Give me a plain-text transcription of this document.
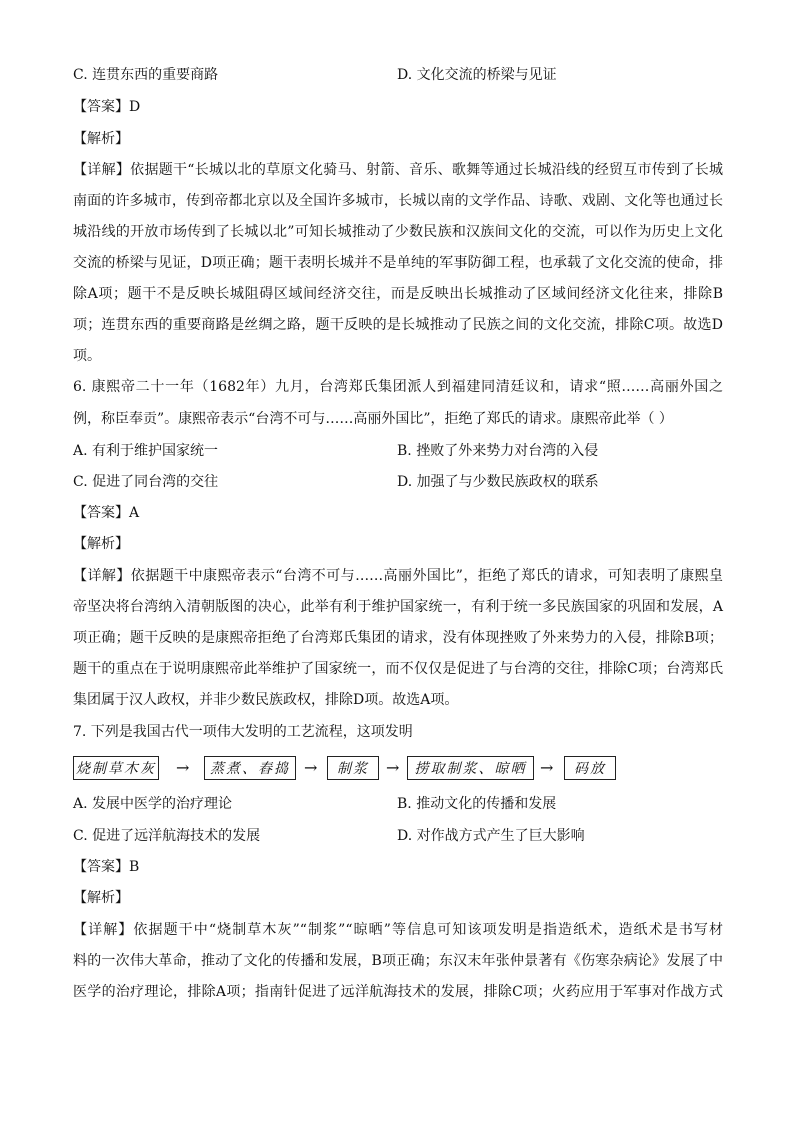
C. 连贯东西的重要商路	D. 文化交流的桥梁与见证
【答案】D
【解析】
【详解】依据题干“长城以北的草原文化骑马、射箭、音乐、歌舞等通过长城沿线的经贸互市传到了长城
南面的许多城市，传到帝都北京以及全国许多城市，长城以南的文学作品、诗歌、戏剧、文化等也通过长
城沿线的开放市场传到了长城以北”可知长城推动了少数民族和汉族间文化的交流，可以作为历史上文化
交流的桥梁与见证，D项正确；题干表明长城并不是单纯的军事防御工程，也承载了文化交流的使命，排
除A项；题干不是反映长城阻碍区域间经济交往，而是反映出长城推动了区域间经济文化往来，排除B
项；连贯东西的重要商路是丝绸之路，题干反映的是长城推动了民族之间的文化交流，排除C项。故选D
项。
6. 康熙帝二十一年（1682年）九月，台湾郑氏集团派人到福建同清廷议和，请求“照……高丽外国之
例，称臣奉贡”。康熙帝表示“台湾不可与……高丽外国比”，拒绝了郑氏的请求。康熙帝此举（ ）
A. 有利于维护国家统一	B. 挫败了外来势力对台湾的入侵
C. 促进了同台湾的交往	D. 加强了与少数民族政权的联系
【答案】A
【解析】
【详解】依据题干中康熙帝表示“台湾不可与……高丽外国比”，拒绝了郑氏的请求，可知表明了康熙皇
帝坚决将台湾纳入清朝版图的决心，此举有利于维护国家统一，有利于统一多民族国家的巩固和发展，A
项正确；题干反映的是康熙帝拒绝了台湾郑氏集团的请求，没有体现挫败了外来势力的入侵，排除B项；
题干的重点在于说明康熙帝此举维护了国家统一，而不仅仅是促进了与台湾的交往，排除C项；台湾郑氏
集团属于汉人政权，并非少数民族政权，排除D项。故选A项。
7. 下列是我国古代一项伟大发明的工艺流程，这项发明
烧制草木灰 →	蒸煮、舂捣 →	制浆	→	捞取制浆、晾晒 →	码放
A. 发展中医学的治疗理论	B. 推动文化的传播和发展
C. 促进了远洋航海技术的发展	D. 对作战方式产生了巨大影响
【答案】B
【解析】
【详解】依据题干中“烧制草木灰”“制浆”“晾晒”等信息可知该项发明是指造纸术，造纸术是书写材
料的一次伟大革命，推动了文化的传播和发展，B项正确；东汉末年张仲景著有《伤寒杂病论》发展了中
医学的治疗理论，排除A项；指南针促进了远洋航海技术的发展，排除C项；火药应用于军事对作战方式
